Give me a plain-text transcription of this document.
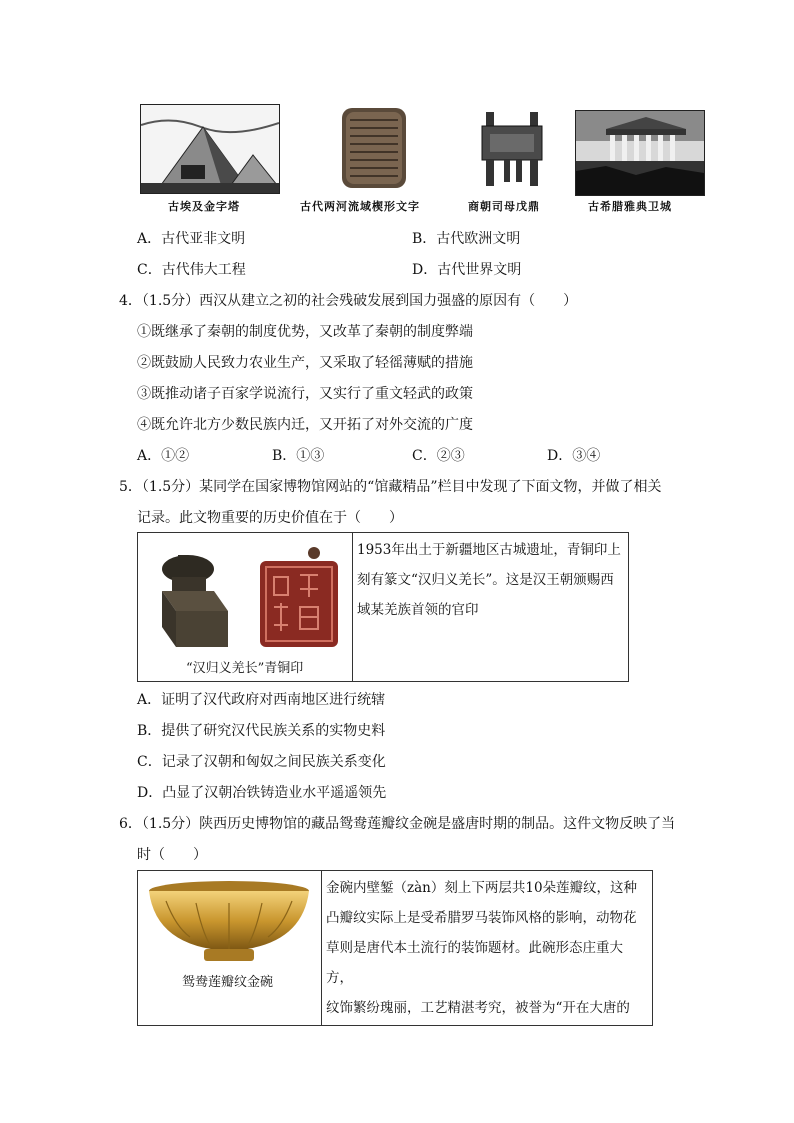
古埃及金字塔	古代两河流域楔形文字	商朝司母戊鼎	古希腊雅典卫城
A．古代亚非文明	B．古代欧洲文明
C．古代伟大工程	D．古代世界文明
4．（1.5分）西汉从建立之初的社会残破发展到国力强盛的原因有（　　）
①既继承了秦朝的制度优势，又改革了秦朝的制度弊端
②既鼓励人民致力农业生产，又采取了轻徭薄赋的措施
③既推动诸子百家学说流行，又实行了重文轻武的政策
④既允许北方少数民族内迁，又开拓了对外交流的广度
A．①②	B．①③	C．②③	D．③④
5．（1.5分）某同学在国家博物馆网站的“馆藏精品”栏目中发现了下面文物，并做了相关
记录。此文物重要的历史价值在于（　　）
“汉归义羌长”青铜印

1953年出土于新疆地区古城遗址，青铜印上
刻有篆文“汉归义羌长”。这是汉王朝颁赐西
域某羌族首领的官印
A．证明了汉代政府对西南地区进行统辖
B．提供了研究汉代民族关系的实物史料
C．记录了汉朝和匈奴之间民族关系变化
D．凸显了汉朝冶铁铸造业水平遥遥领先
6．（1.5分）陕西历史博物馆的藏品鸳鸯莲瓣纹金碗是盛唐时期的制品。这件文物反映了当
时（　　）
鸳鸯莲瓣纹金碗

金碗内壁錾（zàn）刻上下两层共10朵莲瓣纹，这种
凸瓣纹实际上是受希腊罗马装饰风格的影响，动物花
草则是唐代本土流行的装饰题材。此碗形态庄重大方，
纹饰繁纷瑰丽，工艺精湛考究，被誉为“开在大唐的
